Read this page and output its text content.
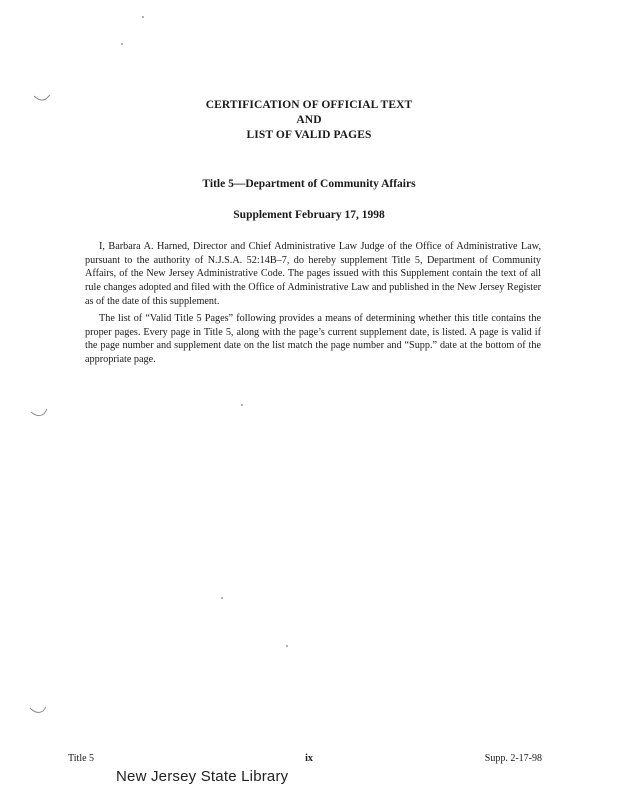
CERTIFICATION OF OFFICIAL TEXT
AND
LIST OF VALID PAGES
Title 5—Department of Community Affairs
Supplement February 17, 1998

I, Barbara A. Harned, Director and Chief Administrative Law Judge of the Office of Administrative Law, pursuant to the authority of N.J.S.A. 52:14B–7, do hereby supplement Title 5, Department of Community Affairs, of the New Jersey Administrative Code. The pages issued with this Supplement contain the text of all rule changes adopted and filed with the Office of Administrative Law and published in the New Jersey Register as of the date of this supplement.

The list of “Valid Title 5 Pages” following provides a means of determining whether this title contains the proper pages. Every page in Title 5, along with the page’s current supplement date, is listed. A page is valid if the page number and supplement date on the list match the page number and “Supp.” date at the bottom of the appropriate page.

Title 5	ix	Supp. 2-17-98
New Jersey State Library
